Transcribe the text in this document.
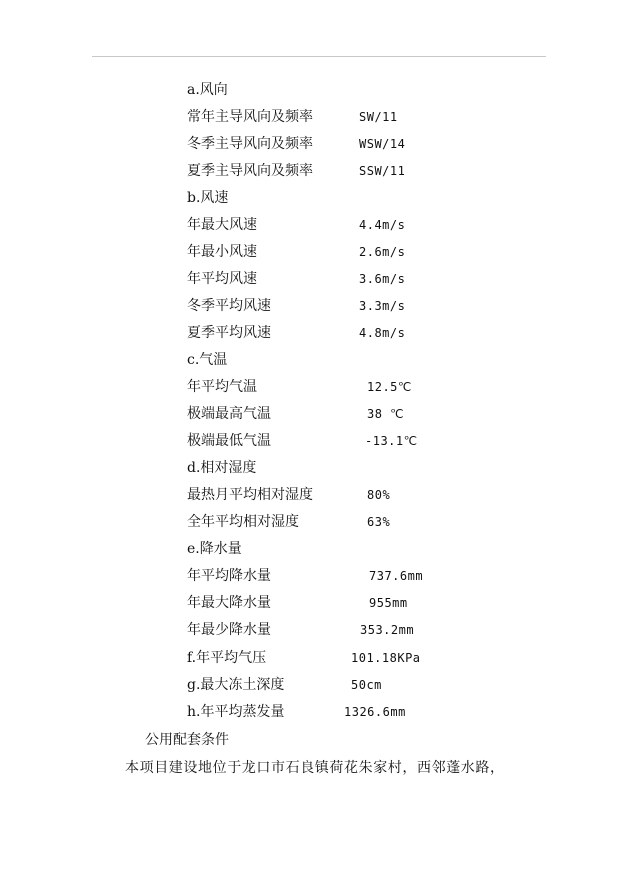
a.风向
常年主导风向及频率	SW/11
冬季主导风向及频率	WSW/14
夏季主导风向及频率	SSW/11
b.风速
年最大风速	4.4m/s
年最小风速	2.6m/s
年平均风速	3.6m/s
冬季平均风速	3.3m/s
夏季平均风速	4.8m/s
c.气温
年平均气温	12.5℃
极端最高气温	38 ℃
极端最低气温	-13.1℃
d.相对湿度
最热月平均相对湿度	80%
全年平均相对湿度	63%
e.降水量
年平均降水量	737.6mm
年最大降水量	955mm
年最少降水量	353.2mm
f.年平均气压	101.18KPa
g.最大冻土深度	50cm
h.年平均蒸发量	1326.6mm
公用配套条件
本项目建设地位于龙口市石良镇荷花朱家村，西邻蓬水路，
